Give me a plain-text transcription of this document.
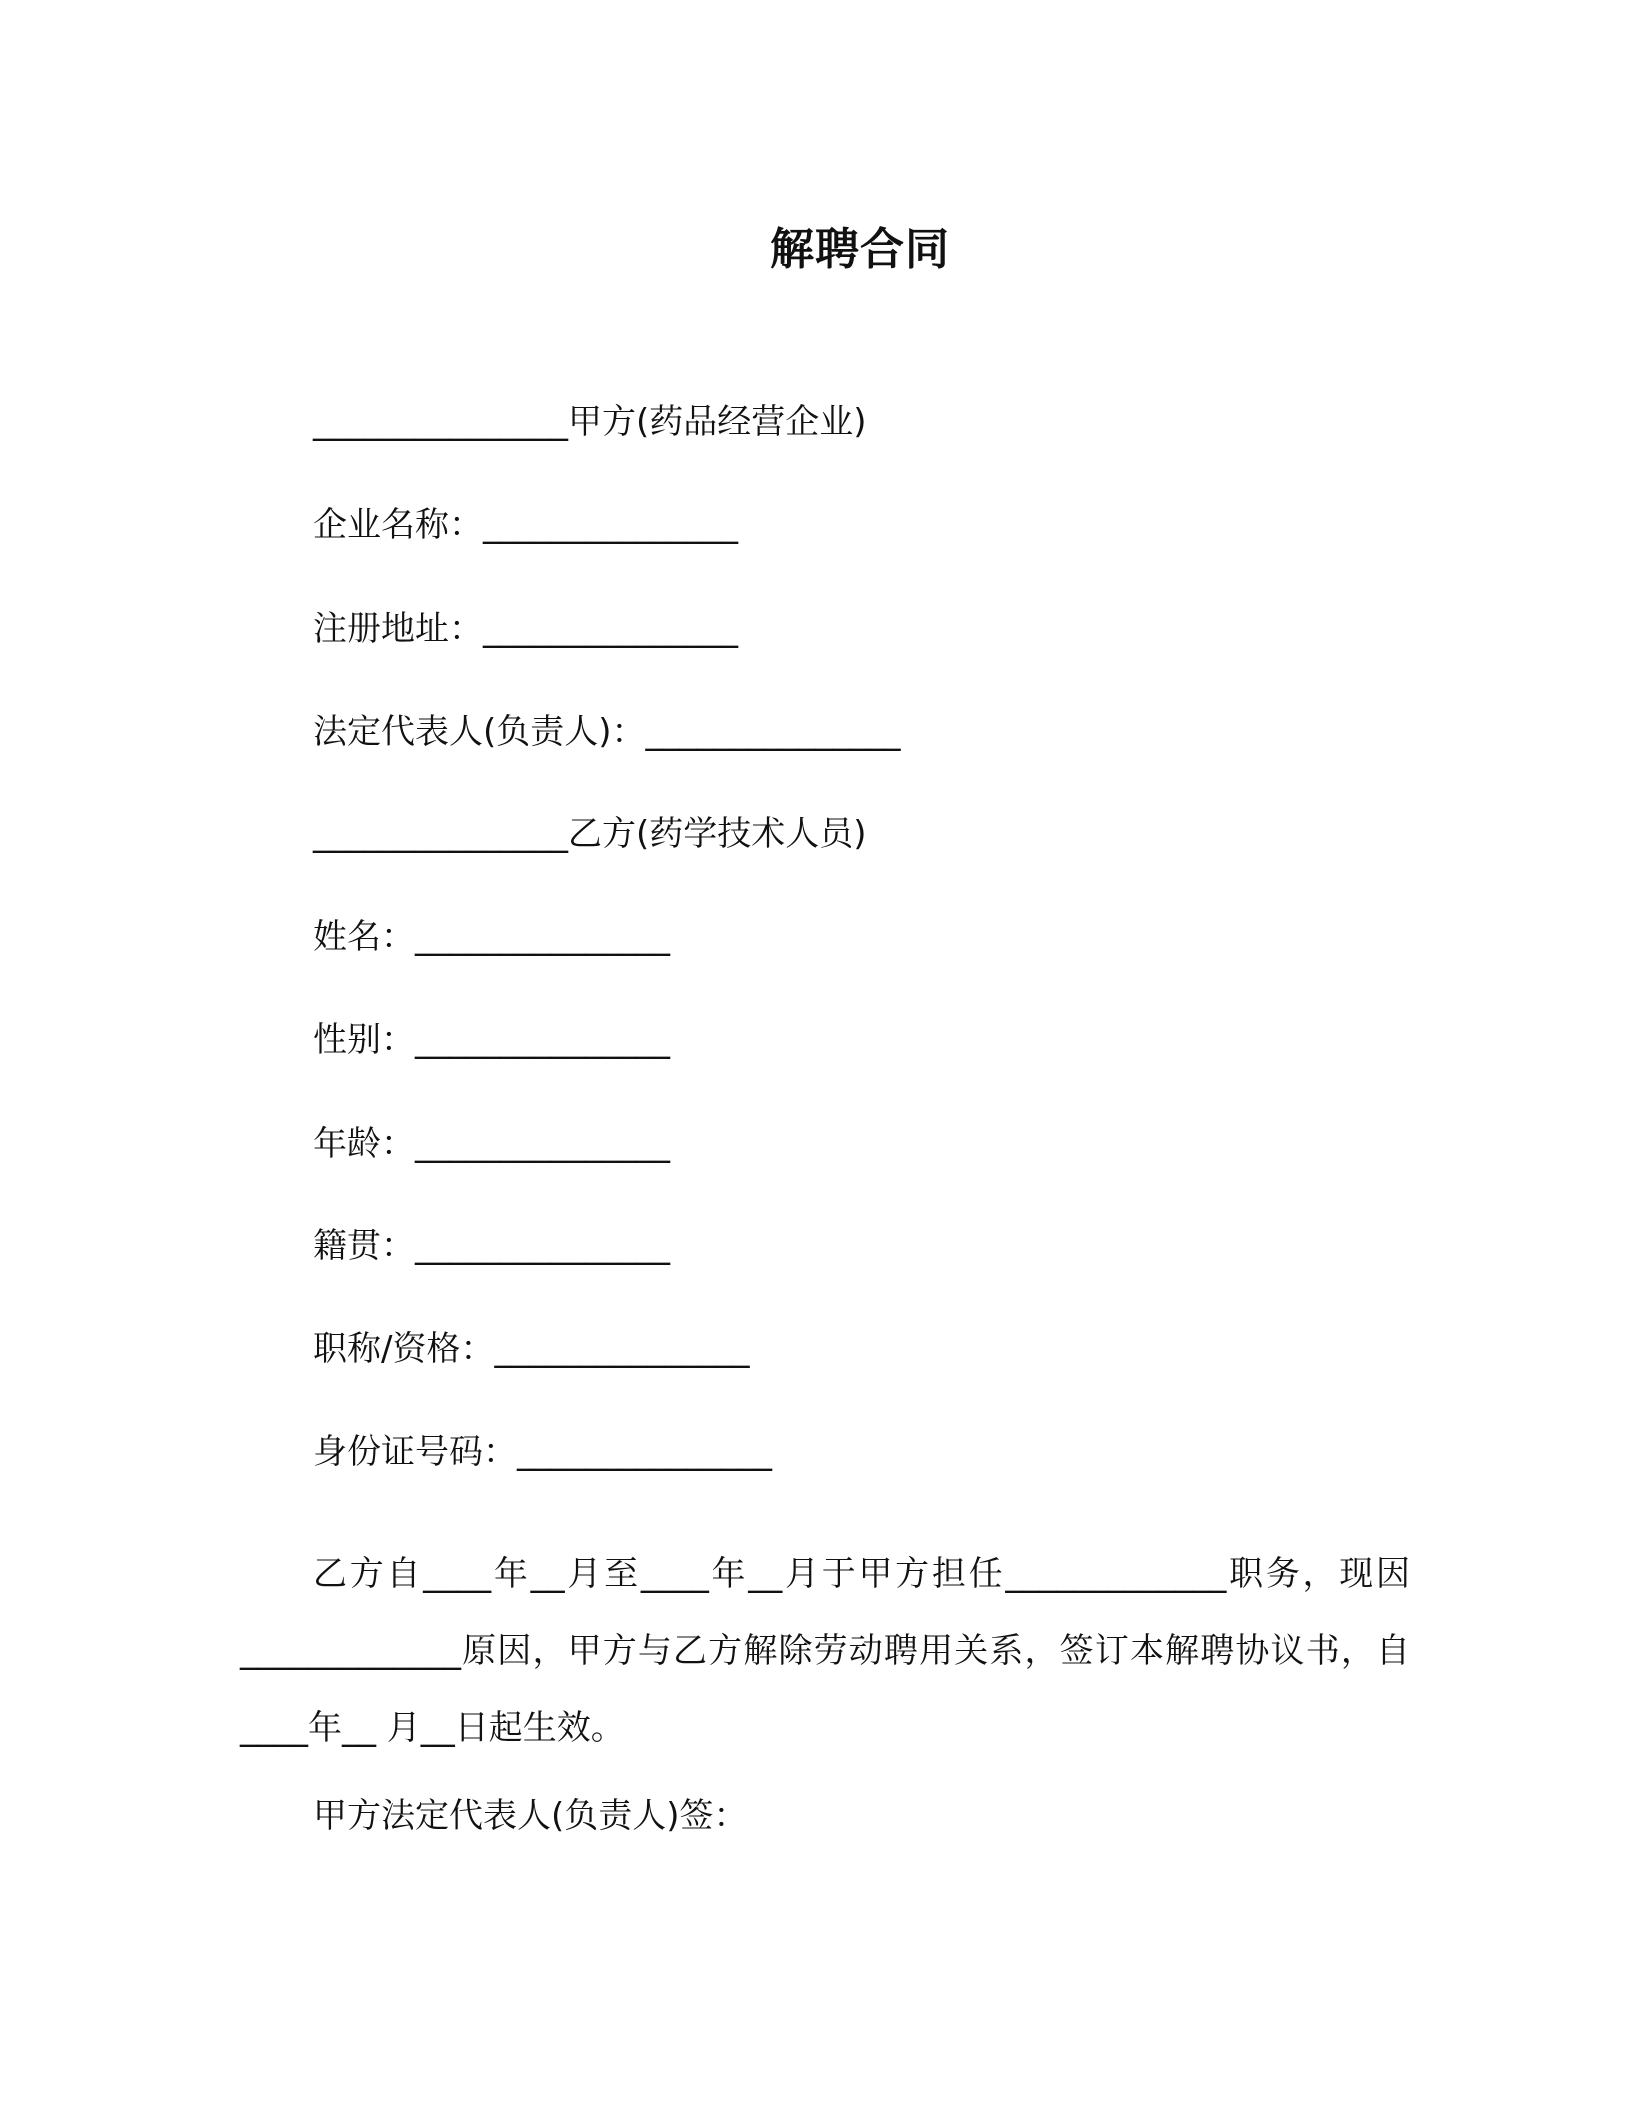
解聘合同
_______________甲方(药品经营企业)
企业名称：_______________
注册地址：_______________
法定代表人(负责人)：_______________
_______________乙方(药学技术人员)
姓名：_______________
性别：_______________
年龄：_______________
籍贯：_______________
职称/资格：_______________
身份证号码：_______________
乙方自____年__月至____年__月于甲方担任_____________职务，现因_____________原因，甲方与乙方解除劳动聘用关系，签订本解聘协议书，自____年__ 月__日起生效。
甲方法定代表人(负责人)签：
